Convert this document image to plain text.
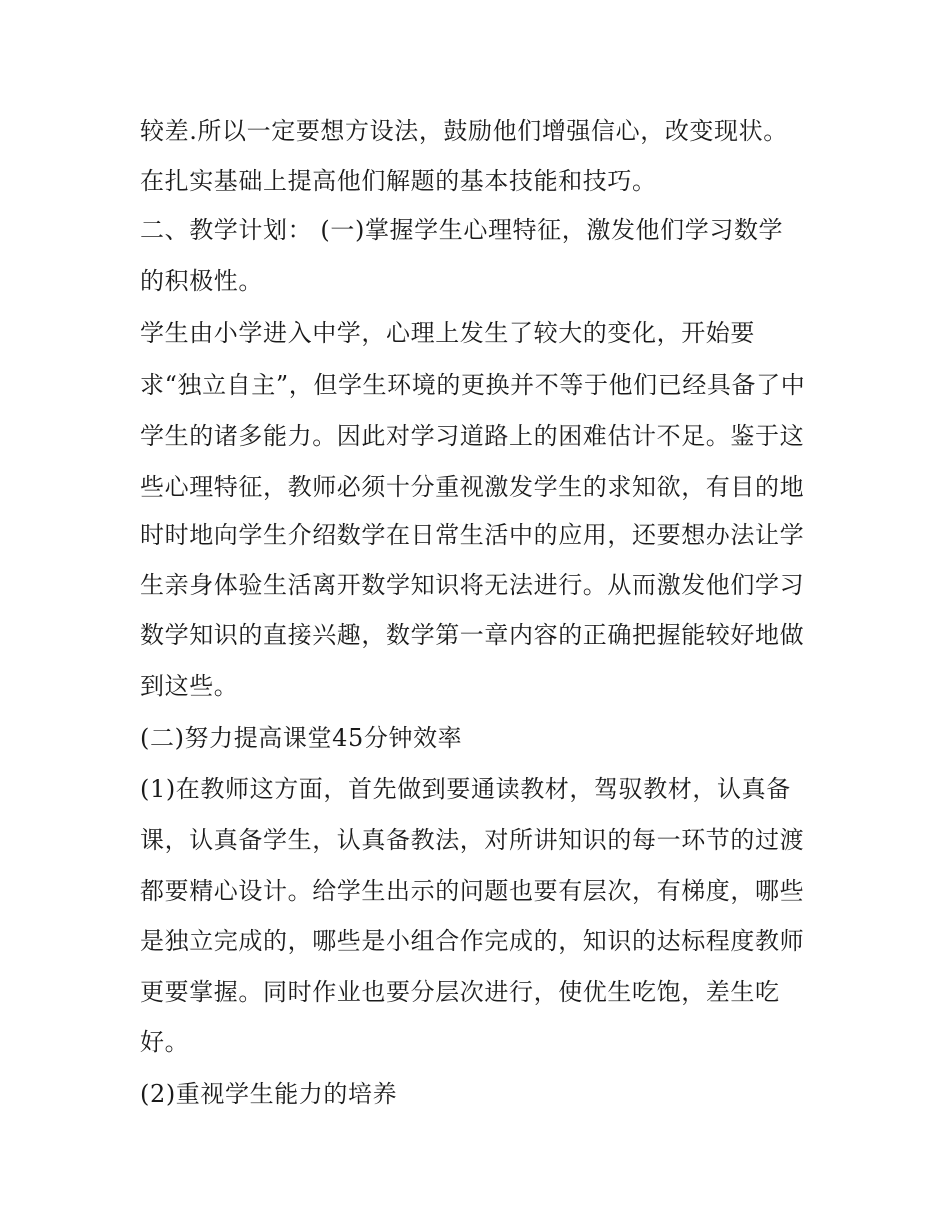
较差.所以一定要想方设法，鼓励他们增强信心，改变现状。
在扎实基础上提高他们解题的基本技能和技巧。
二、教学计划： (一)掌握学生心理特征，激发他们学习数学
的积极性。
学生由小学进入中学，心理上发生了较大的变化，开始要
求“独立自主”，但学生环境的更换并不等于他们已经具备了中
学生的诸多能力。因此对学习道路上的困难估计不足。鉴于这
些心理特征，教师必须十分重视激发学生的求知欲，有目的地
时时地向学生介绍数学在日常生活中的应用，还要想办法让学
生亲身体验生活离开数学知识将无法进行。从而激发他们学习
数学知识的直接兴趣，数学第一章内容的正确把握能较好地做
到这些。
(二)努力提高课堂45分钟效率
(1)在教师这方面，首先做到要通读教材，驾驭教材，认真备
课，认真备学生，认真备教法，对所讲知识的每一环节的过渡
都要精心设计。给学生出示的问题也要有层次，有梯度，哪些
是独立完成的，哪些是小组合作完成的，知识的达标程度教师
更要掌握。同时作业也要分层次进行，使优生吃饱，差生吃
好。
(2)重视学生能力的培养
